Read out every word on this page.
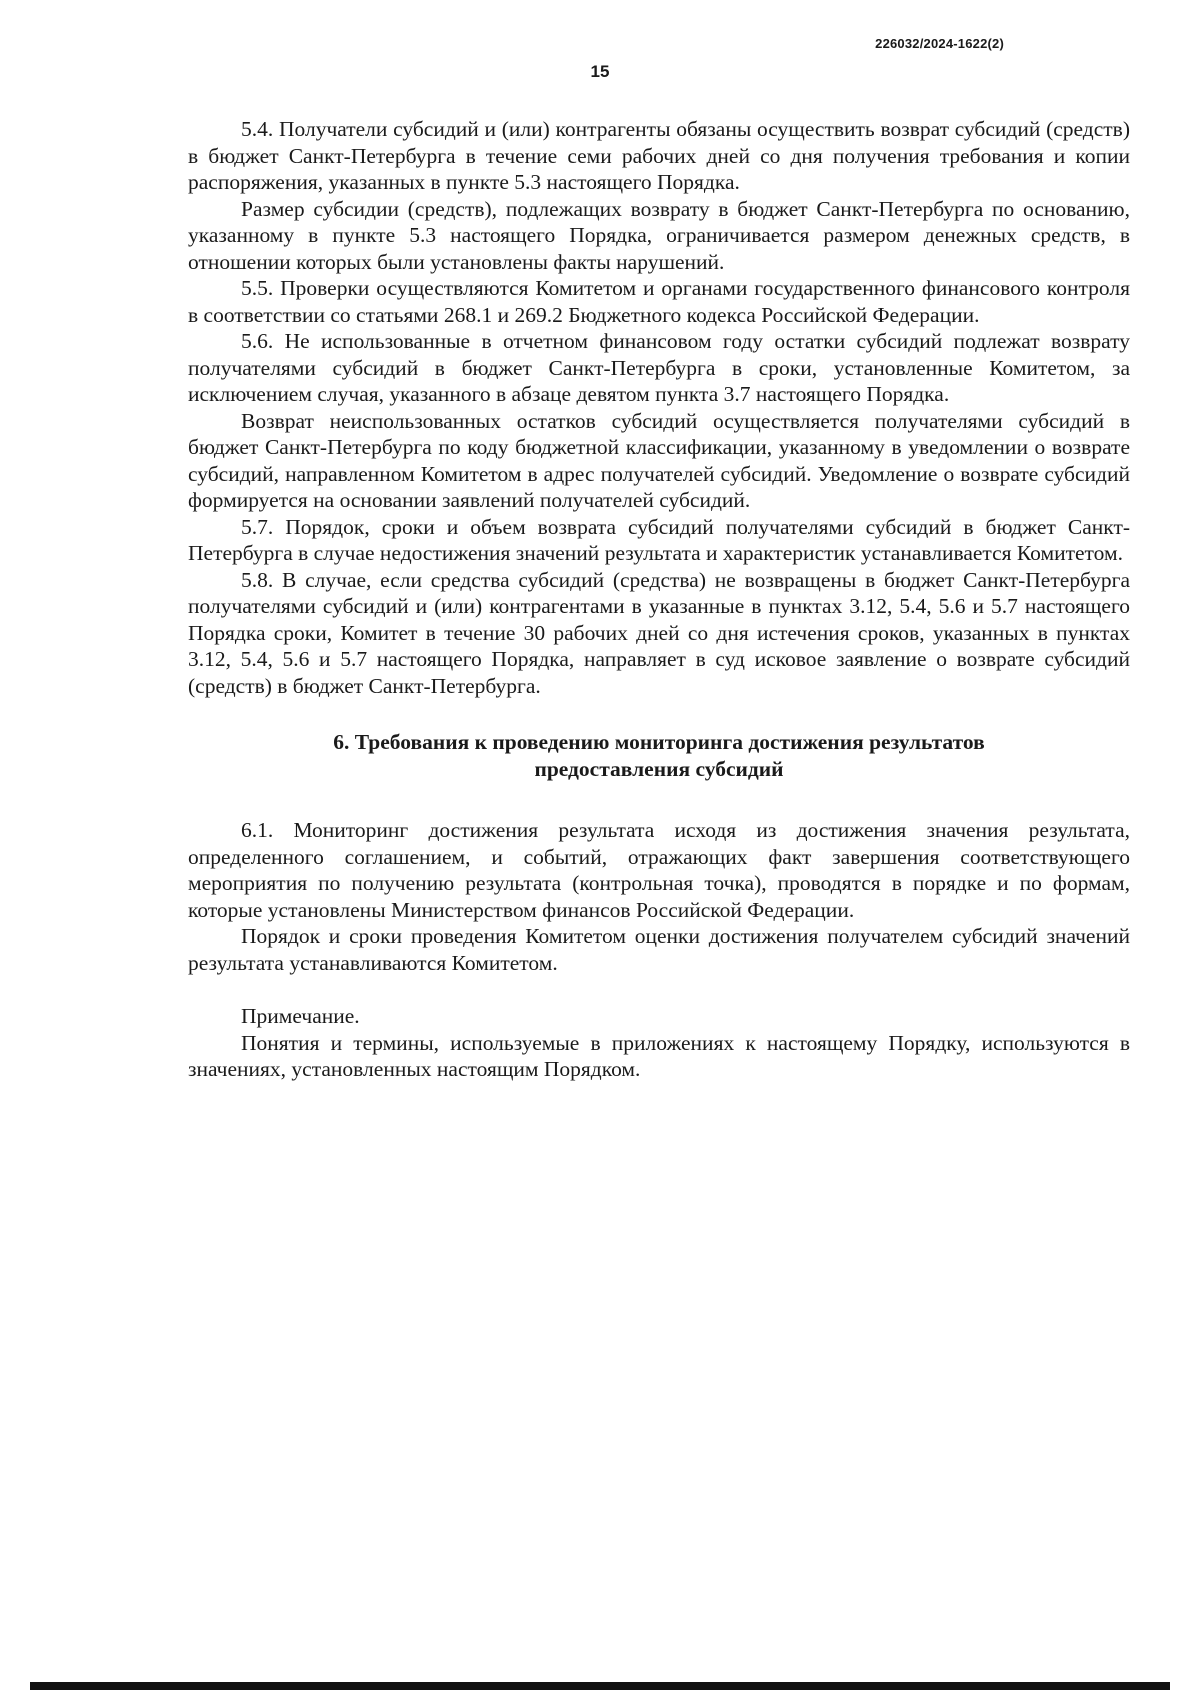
226032/2024-1622(2)
15

5.4. Получатели субсидий и (или) контрагенты обязаны осуществить возврат субсидий (средств) в бюджет Санкт-Петербурга в течение семи рабочих дней со дня получения требования и копии распоряжения, указанных в пункте 5.3 настоящего Порядка.

Размер субсидии (средств), подлежащих возврату в бюджет Санкт-Петербурга по основанию, указанному в пункте 5.3 настоящего Порядка, ограничивается размером денежных средств, в отношении которых были установлены факты нарушений.

5.5. Проверки осуществляются Комитетом и органами государственного финансового контроля в соответствии со статьями 268.1 и 269.2 Бюджетного кодекса Российской Федерации.

5.6. Не использованные в отчетном финансовом году остатки субсидий подлежат возврату получателями субсидий в бюджет Санкт-Петербурга в сроки, установленные Комитетом, за исключением случая, указанного в абзаце девятом пункта 3.7 настоящего Порядка.

Возврат неиспользованных остатков субсидий осуществляется получателями субсидий в бюджет Санкт-Петербурга по коду бюджетной классификации, указанному в уведомлении о возврате субсидий, направленном Комитетом в адрес получателей субсидий. Уведомление о возврате субсидий формируется на основании заявлений получателей субсидий.

5.7. Порядок, сроки и объем возврата субсидий получателями субсидий в бюджет Санкт-Петербурга в случае недостижения значений результата и характеристик устанавливается Комитетом.

5.8. В случае, если средства субсидий (средства) не возвращены в бюджет Санкт-Петербурга получателями субсидий и (или) контрагентами в указанные в пунктах 3.12, 5.4, 5.6 и 5.7 настоящего Порядка сроки, Комитет в течение 30 рабочих дней со дня истечения сроков, указанных в пунктах 3.12, 5.4, 5.6 и 5.7 настоящего Порядка, направляет в суд исковое заявление о возврате субсидий (средств) в бюджет Санкт-Петербурга.

6. Требования к проведению мониторинга достижения результатов
предоставления субсидий

6.1. Мониторинг достижения результата исходя из достижения значения результата, определенного соглашением, и событий, отражающих факт завершения соответствующего мероприятия по получению результата (контрольная точка), проводятся в порядке и по формам, которые установлены Министерством финансов Российской Федерации.

Порядок и сроки проведения Комитетом оценки достижения получателем субсидий значений результата устанавливаются Комитетом.

Примечание.

Понятия и термины, используемые в приложениях к настоящему Порядку, используются в значениях, установленных настоящим Порядком.
